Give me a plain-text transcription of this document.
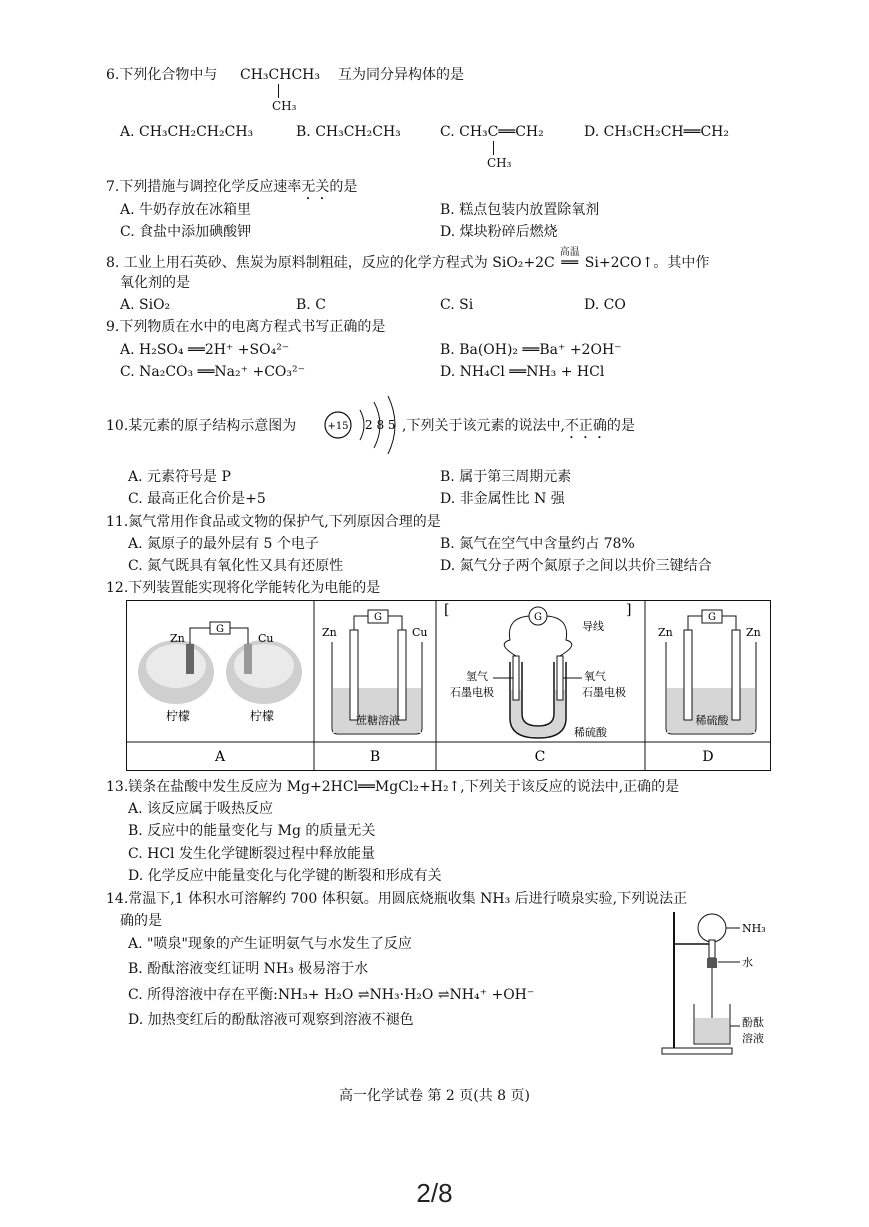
6.下列化合物中与 CH₃CHCH₃
CH₃
互为同分异构体的是
A. CH₃CH₂CH₂CH₃	B. CH₃CH₂CH₃	C. CH₃C══CH₂
CH₃
D. CH₃CH₂CH══CH₂
7.下列措施与调控化学反应速率无关的是
A. 牛奶存放在冰箱里	B. 糕点包装内放置除氧剂
C. 食盐中添加碘酸钾	D. 煤块粉碎后燃烧
8. 工业上用石英砂、焦炭为原料制粗硅，反应的化学方程式为 SiO₂+2C
高温
══ Si+2CO↑。其中作
氧化剂的是
A. SiO₂	B. C	C. Si	D. CO
9.下列物质在水中的电离方程式书写正确的是
A. H₂SO₄ ══2H⁺ +SO₄²⁻	B. Ba(OH)₂ ══Ba⁺ +2OH⁻
C. Na₂CO₃ ══Na₂⁺ +CO₃²⁻	D. NH₄Cl ══NH₃ + HCl
10.某元素的原子结构示意图为	+15 2 8 5 ,下列关于该元素的说法中,不正确的是
A. 元素符号是 P	B. 属于第三周期元素
C. 最高正化合价是+5	D. 非金属性比 N 强
11.氮气常用作食品或文物的保护气,下列原因合理的是
A. 氮原子的最外层有 5 个电子	B. 氮气在空气中含量约占 78%
C. 氮气既具有氧化性又具有还原性	D. 氮气分子两个氮原子之间以共价三键结合
12.下列装置能实现将化学能转化为电能的是
G
Zn	Cu
柠檬	柠檬
G
Zn	Cu
蔗糖溶液
G
导线
氢气
石墨电极
氧气
石墨电极
稀硫酸
[	]	G
Zn	Zn
稀硫酸
A	B	C	D
13.镁条在盐酸中发生反应为 Mg+2HCl══MgCl₂+H₂↑,下列关于该反应的说法中,正确的是
A. 该反应属于吸热反应
B. 反应中的能量变化与 Mg 的质量无关
C. HCl 发生化学键断裂过程中释放能量
D. 化学反应中能量变化与化学键的断裂和形成有关
14.常温下,1 体积水可溶解约 700 体积氨。用圆底烧瓶收集 NH₃ 后进行喷泉实验,下列说法正
确的是
A. "喷泉"现象的产生证明氨气与水发生了反应
B. 酚酞溶液变红证明 NH₃ 极易溶于水
C. 所得溶液中存在平衡:NH₃+ H₂O ⇌NH₃·H₂O ⇌NH₄⁺ +OH⁻
D. 加热变红后的酚酞溶液可观察到溶液不褪色
NH₃
水
酚酞
溶液
高一化学试卷 第 2 页(共 8 页)
2/8
